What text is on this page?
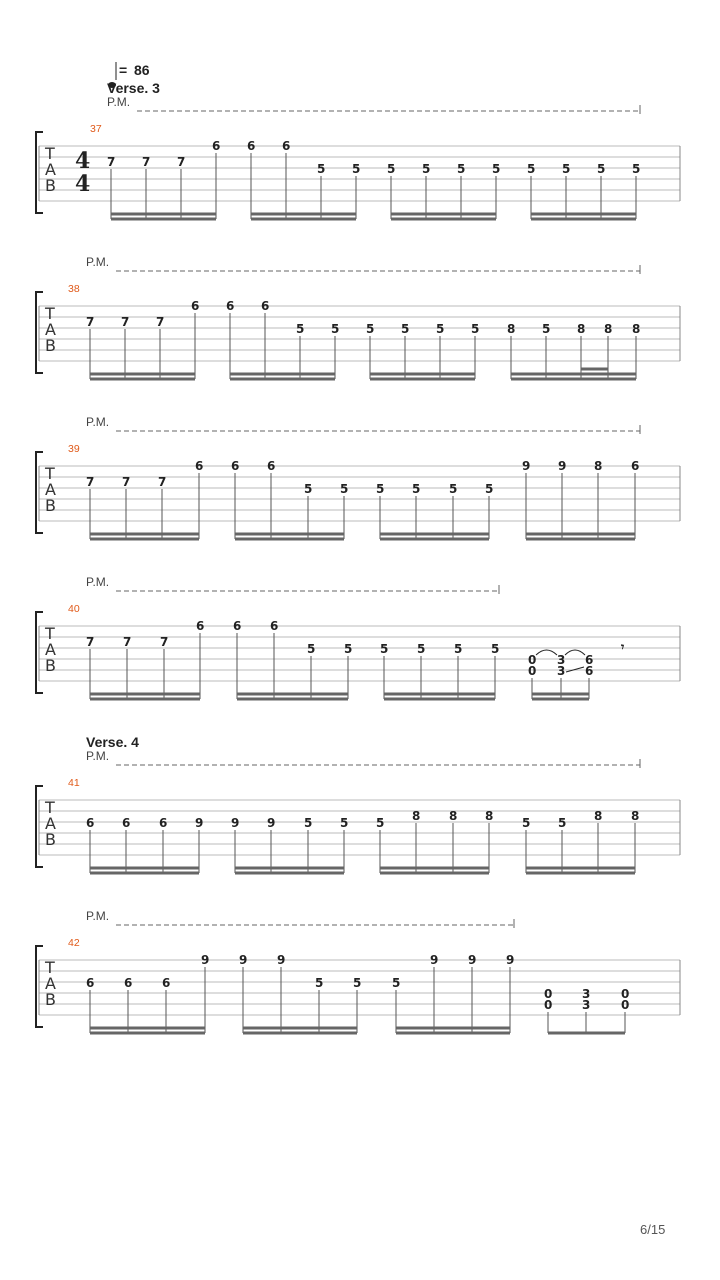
= 86
Verse. 3
P.M.
37
T
A
B
4
4
7 7 7
6 6 6
5 5 5 5 5 5 5 5 5 5
P.M.
38
T
A
B
7 7 7
6 6 6
5 5 5 5 5 5 8 5 8 8 8
P.M.
39
T
A
B
7 7 7
6 6 6
5 5 5 5 5 5
9 9 8 6
P.M.
40
T
A
B
7 7 7
6 6 6
5 5 5 5 5 5
0
0
3
3
6
6
𝄾
Verse. 4
P.M.
41
T
A
B
6 6 6 9 9 9 5 5 5 8 8 8 5 5 8 8
P.M.
42
T
A
B
6 6 6
9 9 9
5 5	5
9 9 9
0
0
3
3
0
0
6/15
